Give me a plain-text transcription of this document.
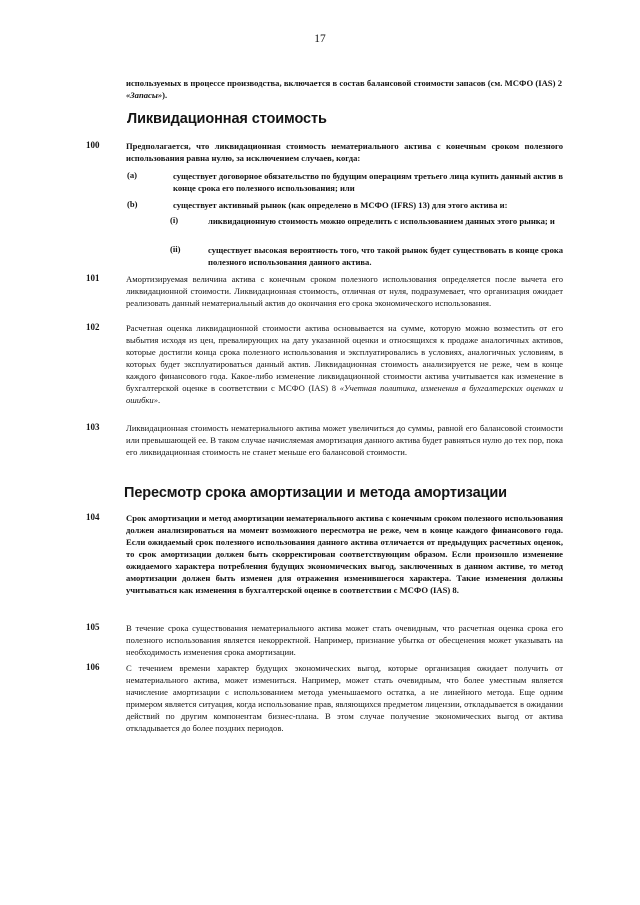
17

используемых в процессе производства, включается в состав балансовой стоимости запасов (см. МСФО (IAS) 2 «Запасы»).

Ликвидационная стоимость
100	Предполагается, что ликвидационная стоимость нематериального актива с конечным сроком полезного использования равна нулю, за исключением случаев, когда:

(a)	существует договорное обязательство по будущим операциям третьего лица купить данный актив в конце срока его полезного использования; или

(b)	существует активный рынок (как определено в МСФО (IFRS) 13) для этого актива и:

(i)	ликвидационную стоимость можно определить с использованием данных этого рынка; и

(ii)	существует высокая вероятность того, что такой рынок будет существовать в конце срока полезного использования данного актива.

101	Амортизируемая величина актива с конечным сроком полезного использования определяется после вычета его ликвидационной стоимости. Ликвидационная стоимость, отличная от нуля, подразумевает, что организация ожидает реализовать данный нематериальный актив до окончания его срока экономического использования.

102	Расчетная оценка ликвидационной стоимости актива основывается на сумме, которую можно возместить от его выбытия исходя из цен, превалирующих на дату указанной оценки и относящихся к продаже аналогичных активов, которые достигли конца срока полезного использования и эксплуатировались в условиях, аналогичных условиям, в которых будет эксплуатироваться данный актив. Ликвидационная стоимость анализируется не реже, чем в конце каждого финансового года. Какое-либо изменение ликвидационной стоимости актива учитывается как изменение в бухгалтерской оценке в соответствии с МСФО (IAS) 8 «Учетная политика, изменения в бухгалтерских оценках и ошибки».

103	Ликвидационная стоимость нематериального актива может увеличиться до суммы, равной его балансовой стоимости или превышающей ее. В таком случае начисляемая амортизация данного актива будет равняться нулю до тех пор, пока его ликвидационная стоимость не станет меньше его балансовой стоимости.

Пересмотр срока амортизации и метода амортизации
104	Срок амортизации и метод амортизации нематериального актива с конечным сроком полезного использования должен анализироваться на момент возможного пересмотра не реже, чем в конце каждого финансового года. Если ожидаемый срок полезного использования данного актива отличается от предыдущих расчетных оценок, то срок амортизации должен быть скорректирован соответствующим образом. Если произошло изменение ожидаемого характера потребления будущих экономических выгод, заключенных в данном активе, то метод амортизации должен быть изменен для отражения изменившегося характера. Такие изменения должны учитываться как изменения в бухгалтерской оценке в соответствии с МСФО (IAS) 8.

105	В течение срока существования нематериального актива может стать очевидным, что расчетная оценка срока его полезного использования является некорректной. Например, признание убытка от обесценения может указывать на необходимость изменения срока амортизации.

106	С течением времени характер будущих экономических выгод, которые организация ожидает получить от нематериального актива, может измениться. Например, может стать очевидным, что более уместным является начисление амортизации с использованием метода уменьшаемого остатка, а не линейного метода. Еще одним примером является ситуация, когда использование прав, являющихся предметом лицензии, откладывается в ожидании действий по другим компонентам бизнес-плана. В этом случае получение экономических выгод от актива откладывается до более поздних периодов.
